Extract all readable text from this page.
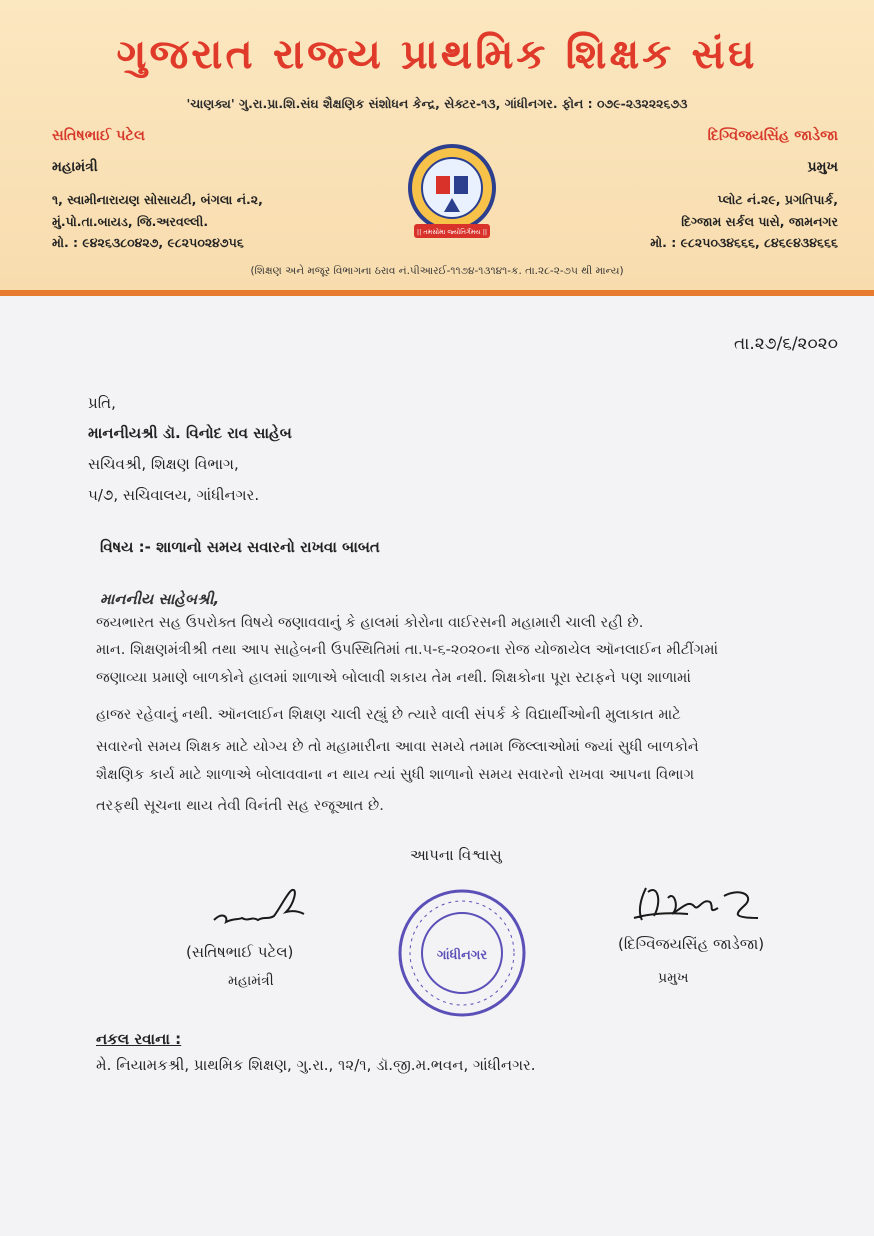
ગુજરાત રાજ્ય પ્રાથમિક શિક્ષક સંઘ
'ચાણક્ય' ગુ.રા.પ્રા.શિ.સંઘ શૈક્ષણિક સંશોધન કેન્દ્ર, સેક્ટર-૧૩, ગાંધીનગર. ફોન : ૦૭૯-૨૩૨૨૨૬૭૩
સતિષભાઈ પટેલ
મહામંત્રી
૧, સ્વામીનારાયણ સોસાયટી, બંગલા નં.૨,
મું.પો.તા.બાયડ, જિ.અરવલ્લી.
મો. : ૯૪૨૬૩૮૦૪૨૭, ૯૮૨૫૦૨૪૭૫૬
દિગ્વિજયસિંહ જાડેજા
પ્રમુખ
પ્લોટ નં.૨૯, પ્રગતિપાર્ક,
દિગ્જામ સર્કલ પાસે, જામનગર
મો. : ૯૮૨૫૦૩૪૬૬૬, ૮૪૬૯૪૩૪૬૬૬
|| તમસોમા જ્યોતિર્ગમય ||
(શિક્ષણ અને મજૂર વિભાગના ઠરાવ નં.પીઆરઈ-૧૧૭૪-૧૩૧૪૧-ક. તા.૨૮-૨-૭૫ થી માન્ય)
તા.૨૭/૬/૨૦૨૦
પ્રતિ,
માનનીયશ્રી ડૉ. વિનોદ રાવ સાહેબ
સચિવશ્રી, શિક્ષણ વિભાગ,
૫/૭, સચિવાલય, ગાંધીનગર.
વિષય :- શાળાનો સમય સવારનો રાખવા બાબત
માનનીય સાહેબશ્રી,
જયભારત સહ ઉપરોક્ત વિષયે જણાવવાનું કે હાલમાં કોરોના વાઈરસની મહામારી ચાલી રહી છે.
માન. શિક્ષણમંત્રીશ્રી તથા આપ સાહેબની ઉપસ્થિતિમાં તા.૫-૬-૨૦૨૦ના રોજ યોજાયેલ ઑનલાઈન મીટીંગમાં
જણાવ્યા પ્રમાણે બાળકોને હાલમાં શાળાએ બોલાવી શકાય તેમ નથી. શિક્ષકોના પૂરા સ્ટાફને પણ શાળામાં
હાજર રહેવાનું નથી. ઑનલાઈન શિક્ષણ ચાલી રહ્યું છે ત્યારે વાલી સંપર્ક કે વિદ્યાર્થીઓની મુલાકાત માટે
સવારનો સમય શિક્ષક માટે યોગ્ય છે તો મહામારીના આવા સમયે તમામ જિલ્લાઓમાં જ્યાં સુધી બાળકોને
શૈક્ષણિક કાર્ય માટે શાળાએ બોલાવવાના ન થાય ત્યાં સુધી શાળાનો સમય સવારનો રાખવા આપના વિભાગ
તરફથી સૂચના થાય તેવી વિનંતી સહ રજૂઆત છે.
આપના વિશ્વાસુ
(સતિષભાઈ પટેલ)
મહામંત્રી
ગાંધીનગર
(દિગ્વિજયસિંહ જાડેજા)
પ્રમુખ
નકલ રવાના :
મે. નિયામકશ્રી, પ્રાથમિક શિક્ષણ, ગુ.રા., ૧૨/૧, ડૉ.જી.મ.ભવન, ગાંધીનગર.
